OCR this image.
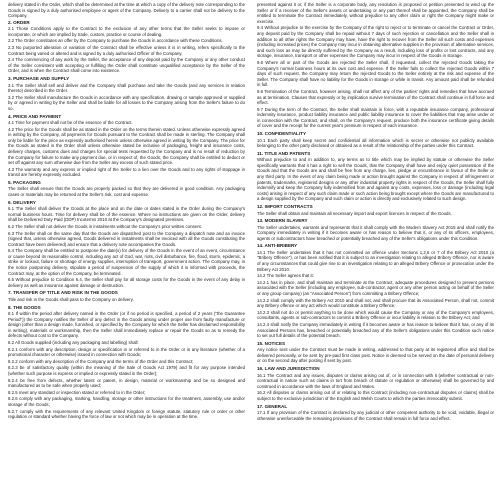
delivery stated in the Order, which shall be determined at the time at which a copy of the delivery note corresponding to the Goods is signed by a duly authorised employee or agent of the Company. Delivery to a carrier shall not be delivery to the Company.

2. ORDER

2.1 Those Conditions apply to the Contract to the exclusion of any other terms that the Seller seeks to impose or incorporate, or which are implied by trade, custom, practice or course of dealing.

2.2 The Order constitutes an offer by the Company to purchase the Goods in accordance with these Conditions.

2.3 No purported alteration or variation of the Contract shall be effective unless it is in writing, refers specifically to the Contract being varied or altered and is signed by a duly authorised Officer of the Company.

2.4 The commencing of any work by the Seller, the acceptance of any deposit paid by the Company or any other conduct of the Seller consistent with accepting or fulfilling the Order shall constitute unqualified acceptance by the Seller of the Order, and is when the Contract shall come into existence.

3. PURCHASE AND SUPPLY

3.1 The Seller shall sell and deliver and the Company shall purchase and take the Goods (and any services in relation thereto) described in the Order.

3.2 The Seller shall manufacture the Goods in accordance with any specification, drawing or sample approved or supplied by or agreed in writing by the Seller and shall be liable for all losses to the Company arising from the Seller's failure to do so.

4. PRICE AND PAYMENT

4.1 Time for payment shall not be of the essence of the Contract.

4.2 The price for the Goods shall be as stated in the Order on the terms therein stated. Unless otherwise expressly agreed in writing by the Company, all payments for Goods pursuant to the Contract shall be made in sterling. The Company shall only be liable for the price as expressly authorised herein unless otherwise agreed in writing by the Company. The price for the Goods as stated in the Order shall unless otherwise stated be inclusive of packaging, freight and insurance costs, delivery charges, customs dues and charges for special tests requested by the Company and is no result of reduction by the Company for failure to make any payment due, or in respect of, the Goods, the Company shall be entitled to deduct or set off against any sum otherwise due from the Seller any excess of such stated price.

4.3 The warranty and any express or implied right of the Seller to a lien over the Goods and to any rights of stoppage in transit are hereby expressly excluded.

5. PACKAGING

The Seller shall ensure that the Goods are properly packed so that they are delivered in good condition. Any packaging cases or materials may be returned at the Seller's risk, cost and expense.

6. DELIVERY

6.1 The Seller shall deliver the Goods at the place and on the date or dates stated in the Order during the Company's normal business hours. Time for delivery shall be of the essence. Where no instructions are given on the Order, delivery shall be Delivered Duty Paid (DDP) Incoterms 2010 at the Company's designated premises.

6.2 The Seller shall not deliver the Goods in instalments without the Company's prior written consent.

6.3 The Seller shall on the same day that the Goods are dispatched post to the Company a dispatch note and an invoice (signed that, unless otherwise agreed, Goods delivered in instalments shall be invoiced with all the Goods constituting the Contract have been delivered) and ensure that a delivery note accompanies the Goods.

6.4 The Company shall be entitled to postpone the date(s) for delivery of the Goods in the event of an event, circumstance or cause beyond its reasonable control, including any act of God, war, riots, civil disturbance, fire, flood, storm, epidemic, a strike or lockout, failure or shortage of energy supplies, interruption of transport, government action. The Company may, in the notice postponing delivery, stipulate a period of suspension of the supply of which it is informed with proceeds, the Contract may, at the option of the Company, be terminated.

6.5 Without prejudice to Condition 6.4, the Seller shall pay for all storage costs for the Goods in the event of any delay in delivery as well as insurance against damage or destruction.

7. TRANSFER OF TITLE AND RISK IN THE GOODS

Title and risk in the Goods shall pass to the Company on delivery.

8. THE GOODS

8.1 If within the period after delivery named in the Order (or if no period is specified, a period of 2 years ("the Guarantee Period")) the Company notifies the Seller of any defect in the Goods arising under proper use from faulty manufacture or design (other than a design made, furnished, or specified by the Company for which the Seller has disclaimed responsibility in writing), materials or workmanship, then the Seller shall immediately replace or repair the Goods so as to remedy the defects without cost to the Company.

8.2 All Goods supplied (including any packaging and labelling) shall:

8.2.1 conform with any description, design or specification in or referred to in the Order or in any literature (whether of a promotional character or otherwise) issued in connection with Goods;

8.2.2 conform with any description of the Company and the terms of the Order and this Contract;

8.2.3 be of satisfactory quality (within the meaning of the Sale of Goods Act 1979) and fit for any purpose intended (whether such purpose is express or implied or expressly stated in the Order);

8.2.4 be free from defects, whether latent or patent, in design, material or workmanship and be so designed and manufactured as to be safe when properly used;

8.2.5 meet any standard or inspection stated or referred to in the Order;

8.2.6 comply with any packaging, marking, handling, storage or other instructions for the treatment, assembly, use and/or storage of the Goods;

8.2.7 comply with the requirements of any relevant United Kingdom or foreign statute, statutory rule or order or other regulation or standard whether having the force of law or not which may be in operation at the time.

presented against it or, if the Seller is a corporate body, any resolution is proposed or petition presented to wind up the Seller or if a receiver of the Seller's assets or undertaking or any part thereof shall be appointed, the Company shall be entitled to terminate the Contract immediately, without prejudice to any other claim or right the Company might make or exercise.

9.4 Without prejudice to the exercise by the Company of the right to reject or to terminate or cancel the Contract or Order, any deposit paid by the Company shall be repaid without 7 days of such rejection or cancellation and the Seller shall in addition to all other rights the Company may have, have the right to recover from the Seller all such costs and expenses (including increased prices) the Company may incur in obtaining alternative supplies in the provision of alternative services, and such loss as may be directly suffered by the Company as a result, including loss of profits or lost contracts, and any storage, insurance, transport or other expenses the Company may incur in respect of the Goods in storage.

9.5 Where all or part of the Goods are rejected the Seller shall, if requested, collect the rejected Goods taking the Company's normal business hours at its own cost and expense. If the Seller fails to collect the rejected Goods within 7 days of such request, the Company may return the rejected Goods to the Seller entirely at the risk and expense of the Seller. The Company shall have no liability for the Goods in storage or while in transit. Any amount paid shall be refunded in full.

9.6 Termination of the Contract, however arising, shall not affect any of the parties' rights and remedies that have accrued as at termination. Clauses that expressly or by implication survive termination of the Contract shall continue in full force and effect.

9.7 During the term of the Contract, the Seller shall maintain in force, with a reputable insurance company, professional indemnity insurance, product liability insurance and public liability insurance to cover the liabilities that may arise under or in connection with the Contract, and shall, on the Company's request, produce both the insurance certificate giving details of cover and the receipt for the current year's premium in respect of each insurance.

10. CONFIDENTIALITY

10.1 Each party shall keep secret and confidential all information which is secret or otherwise not publicly available belonging to the other party disclosed or obtained as a result of the relationship of the parties under this Contract.

11. TITLE AND PATENTS

Without prejudice to and in addition to, any terms as to title which may be implied by statute or otherwise the Seller specifically warrants that it has a right to sell the Goods, that the Company shall have and enjoy quiet possession of the Goods and that the Goods are and shall be free from any charge, lien, pledge or encumbrance in favour of the Seller or any third party. In the event of any claim being made or action brought against the Company in respect of infringement or patents, trademarks, registered designs or any other industrial property rights in respect of the Goods, the Seller shall fully indemnify and keep the Company fully indemnified from and against any costs, expenses, loss or damage (including legal costs) arising in respect of any such claim made or such action being brought except where the Goods are manufactured to a design supplied by the Company and such claim or action is directly and exclusively related to such design.

12. IMPORT CONTRACTS

The Seller shall obtain and maintain all necessary import and export licences in respect of the Goods.

13. MODERN SLAVERY

The Seller undertakes, warrants and represents that it shall comply with the Modern Slavery Act 2015 and shall notify the Company immediately in writing if it becomes aware or has reason to believe that it, or any of its officers, employees, agents or subcontractors have breached or potentially breached any of the Seller's obligations under this Condition.

14. ANTI-BRIBERY

14.1 The Seller undertakes that it has not committed an offence under Sections 1,2,6 or 7 of the Bribery Act 2010 (a "Bribery Offence"), or has been notified that it is subject to an investigation relating to alleged Bribery Offence, nor is aware of any circumstances that could give rise to an investigation relating to an alleged Bribery Offence or prosecution under the Bribery Act 2010.

14.2 The Seller agrees that it:

14.2.1 has in place, and shall maintain and terminate at the Contract, adequate procedures designed to prevent persons associated with the Seller (including any employee, sub-contractor, agent or any other person acting on behalf of the Seller or any group company) (an "Associated Person") from committing a Bribery Offence;

14.2.2 shall comply with the Bribery Act 2010 and shall not, and shall procure that its Associated Person, shall not, commit any Bribery offence or any act which would constitute a Bribery Offence;

14.2.3 shall not do or permit anything to be done which would cause the Company or any of the Company's employees, consultants, agents or sub-contractors to commit a Bribery Offence or incur liability in relation to the Bribery Act; and

14.2.4 shall notify the Company immediately in writing if it becomes aware or has reason to believe that it has, or any of its Associated Persons has, breached or potentially breached any of the Seller's obligations under this Condition such notice to set out full details of the potential breach.

15. NOTICES

Any notice sent under the Contract must be made in writing, addressed to that party at its registered office and shall be delivered personally, or be sent by pre-paid first class post. Notice is deemed to be served on the date of personal delivery or on the second day after posting if sent by post.

16. LAW AND JURISDICTION

16.1 The Contract and any issues, disputes or claims arising out of, or in connection with it (whether contractual or non-contractual in nature such as claims in tort from breach of statute or regulation or otherwise) shall be governed by and construed in accordance with the laws of England and Wales.

16.2 All disputes or claims arising out of or relating to this Contract (including non-contractual disputes or claims) shall be subject to the exclusive jurisdiction of the English and Welsh Courts to which the parties irrevocably submit.

17. GENERAL

17.1 If any provision of the Contract is declared by any judicial or other competent authority to be void, voidable, illegal or otherwise unenforceable the remaining provisions of the Contract shall remain in full force and effect.
